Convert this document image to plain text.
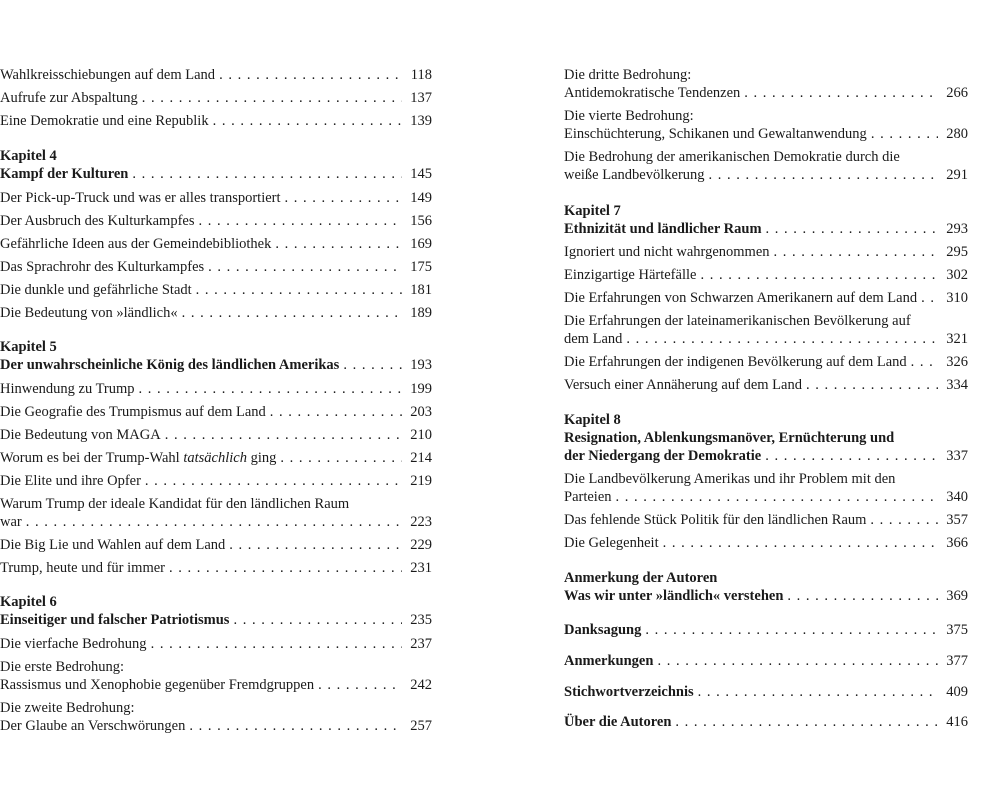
Wahlkreisschiebungen auf dem Land . . .	118
Aufrufe zur Abspaltung . . .	137
Eine Demokratie und eine Republik . . .	139
Kapitel 4
Kampf der Kulturen . . .	145
Der Pick-up-Truck und was er alles transportiert . . .	149
Der Ausbruch des Kulturkampfes . . .	156
Gefährliche Ideen aus der Gemeindebibliothek . . .	169
Das Sprachrohr des Kulturkampfes . . .	175
Die dunkle und gefährliche Stadt . . .	181
Die Bedeutung von »ländlich« . . .	189
Kapitel 5
Der unwahrscheinliche König des ländlichen Amerikas . . .	193
Hinwendung zu Trump . . .	199
Die Geografie des Trumpismus auf dem Land . . .	203
Die Bedeutung von MAGA . . .	210
Worum es bei der Trump-Wahl tatsächlich ging . . .	214
Die Elite und ihre Opfer . . .	219
Warum Trump der ideale Kandidat für den ländlichen Raum
war . . .	223
Die Big Lie und Wahlen auf dem Land . . .	229
Trump, heute und für immer . . .	231
Kapitel 6
Einseitiger und falscher Patriotismus . . .	235
Die vierfache Bedrohung . . .	237
Die erste Bedrohung:
Rassismus und Xenophobie gegenüber Fremdgruppen . . .	242
Die zweite Bedrohung:
Der Glaube an Verschwörungen . . .	257
Die dritte Bedrohung:
Antidemokratische Tendenzen . . .	266
Die vierte Bedrohung:
Einschüchterung, Schikanen und Gewaltanwendung . . .	280
Die Bedrohung der amerikanischen Demokratie durch die
weiße Landbevölkerung . . .	291
Kapitel 7
Ethnizität und ländlicher Raum . . .	293
Ignoriert und nicht wahrgenommen . . .	295
Einzigartige Härtefälle . . .	302
Die Erfahrungen von Schwarzen Amerikanern auf dem Land . . . 310
Die Erfahrungen der lateinamerikanischen Bevölkerung auf
dem Land . . .	321
Die Erfahrungen der indigenen Bevölkerung auf dem Land . . .	326
Versuch einer Annäherung auf dem Land . . .	334
Kapitel 8
Resignation, Ablenkungsmanöver, Ernüchterung und
der Niedergang der Demokratie . . .	337
Die Landbevölkerung Amerikas und ihr Problem mit den
Parteien . . .	340
Das fehlende Stück Politik für den ländlichen Raum . . .	357
Die Gelegenheit . . .	366
Anmerkung der Autoren
Was wir unter »ländlich« verstehen . . .	369
Danksagung . . .	375
Anmerkungen . . .	377
Stichwortverzeichnis . . .	409
Über die Autoren . . .	416
